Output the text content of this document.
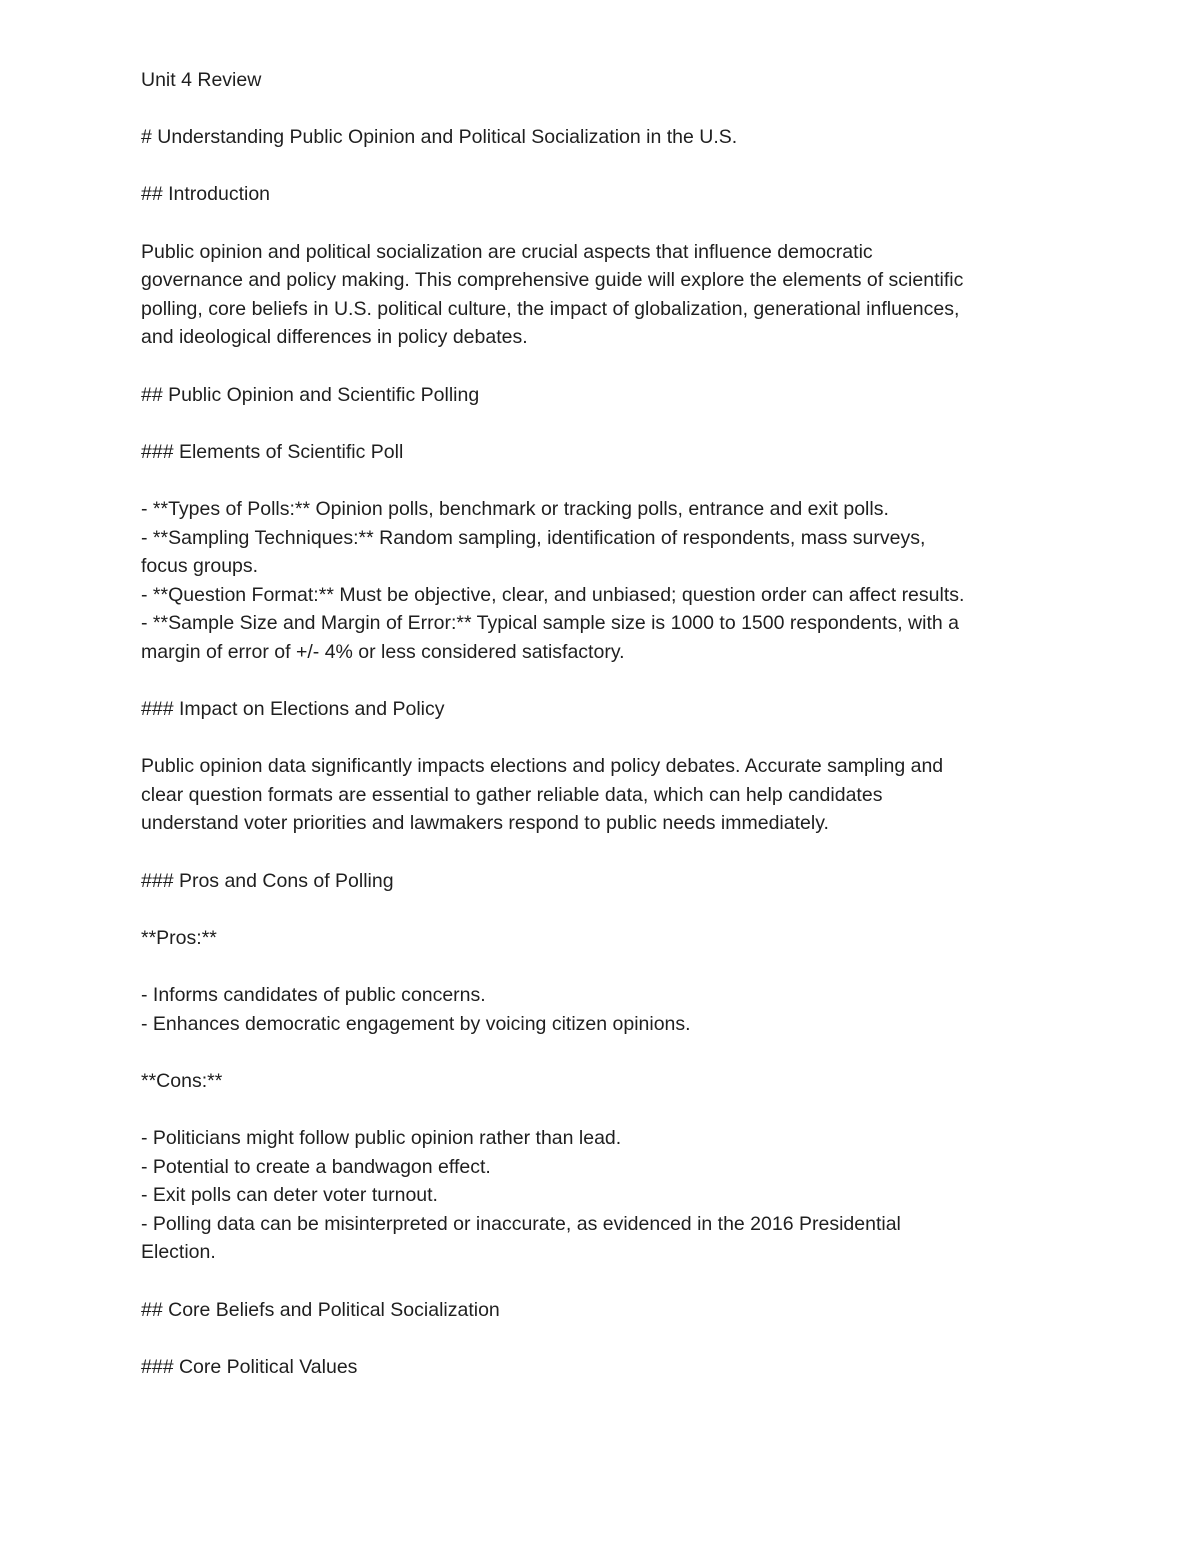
Unit 4 Review

# Understanding Public Opinion and Political Socialization in the U.S.

## Introduction

Public opinion and political socialization are crucial aspects that influence democratic

governance and policy making. This comprehensive guide will explore the elements of scientific

polling, core beliefs in U.S. political culture, the impact of globalization, generational influences,

and ideological differences in policy debates.

## Public Opinion and Scientific Polling

### Elements of Scientific Poll

- **Types of Polls:** Opinion polls, benchmark or tracking polls, entrance and exit polls.

- **Sampling Techniques:** Random sampling, identification of respondents, mass surveys,

focus groups.

- **Question Format:** Must be objective, clear, and unbiased; question order can affect results.

- **Sample Size and Margin of Error:** Typical sample size is 1000 to 1500 respondents, with a

margin of error of +/- 4% or less considered satisfactory.

### Impact on Elections and Policy

Public opinion data significantly impacts elections and policy debates. Accurate sampling and

clear question formats are essential to gather reliable data, which can help candidates

understand voter priorities and lawmakers respond to public needs immediately.

### Pros and Cons of Polling

**Pros:**

- Informs candidates of public concerns.

- Enhances democratic engagement by voicing citizen opinions.

**Cons:**

- Politicians might follow public opinion rather than lead.

- Potential to create a bandwagon effect.

- Exit polls can deter voter turnout.

- Polling data can be misinterpreted or inaccurate, as evidenced in the 2016 Presidential

Election.

## Core Beliefs and Political Socialization

### Core Political Values
